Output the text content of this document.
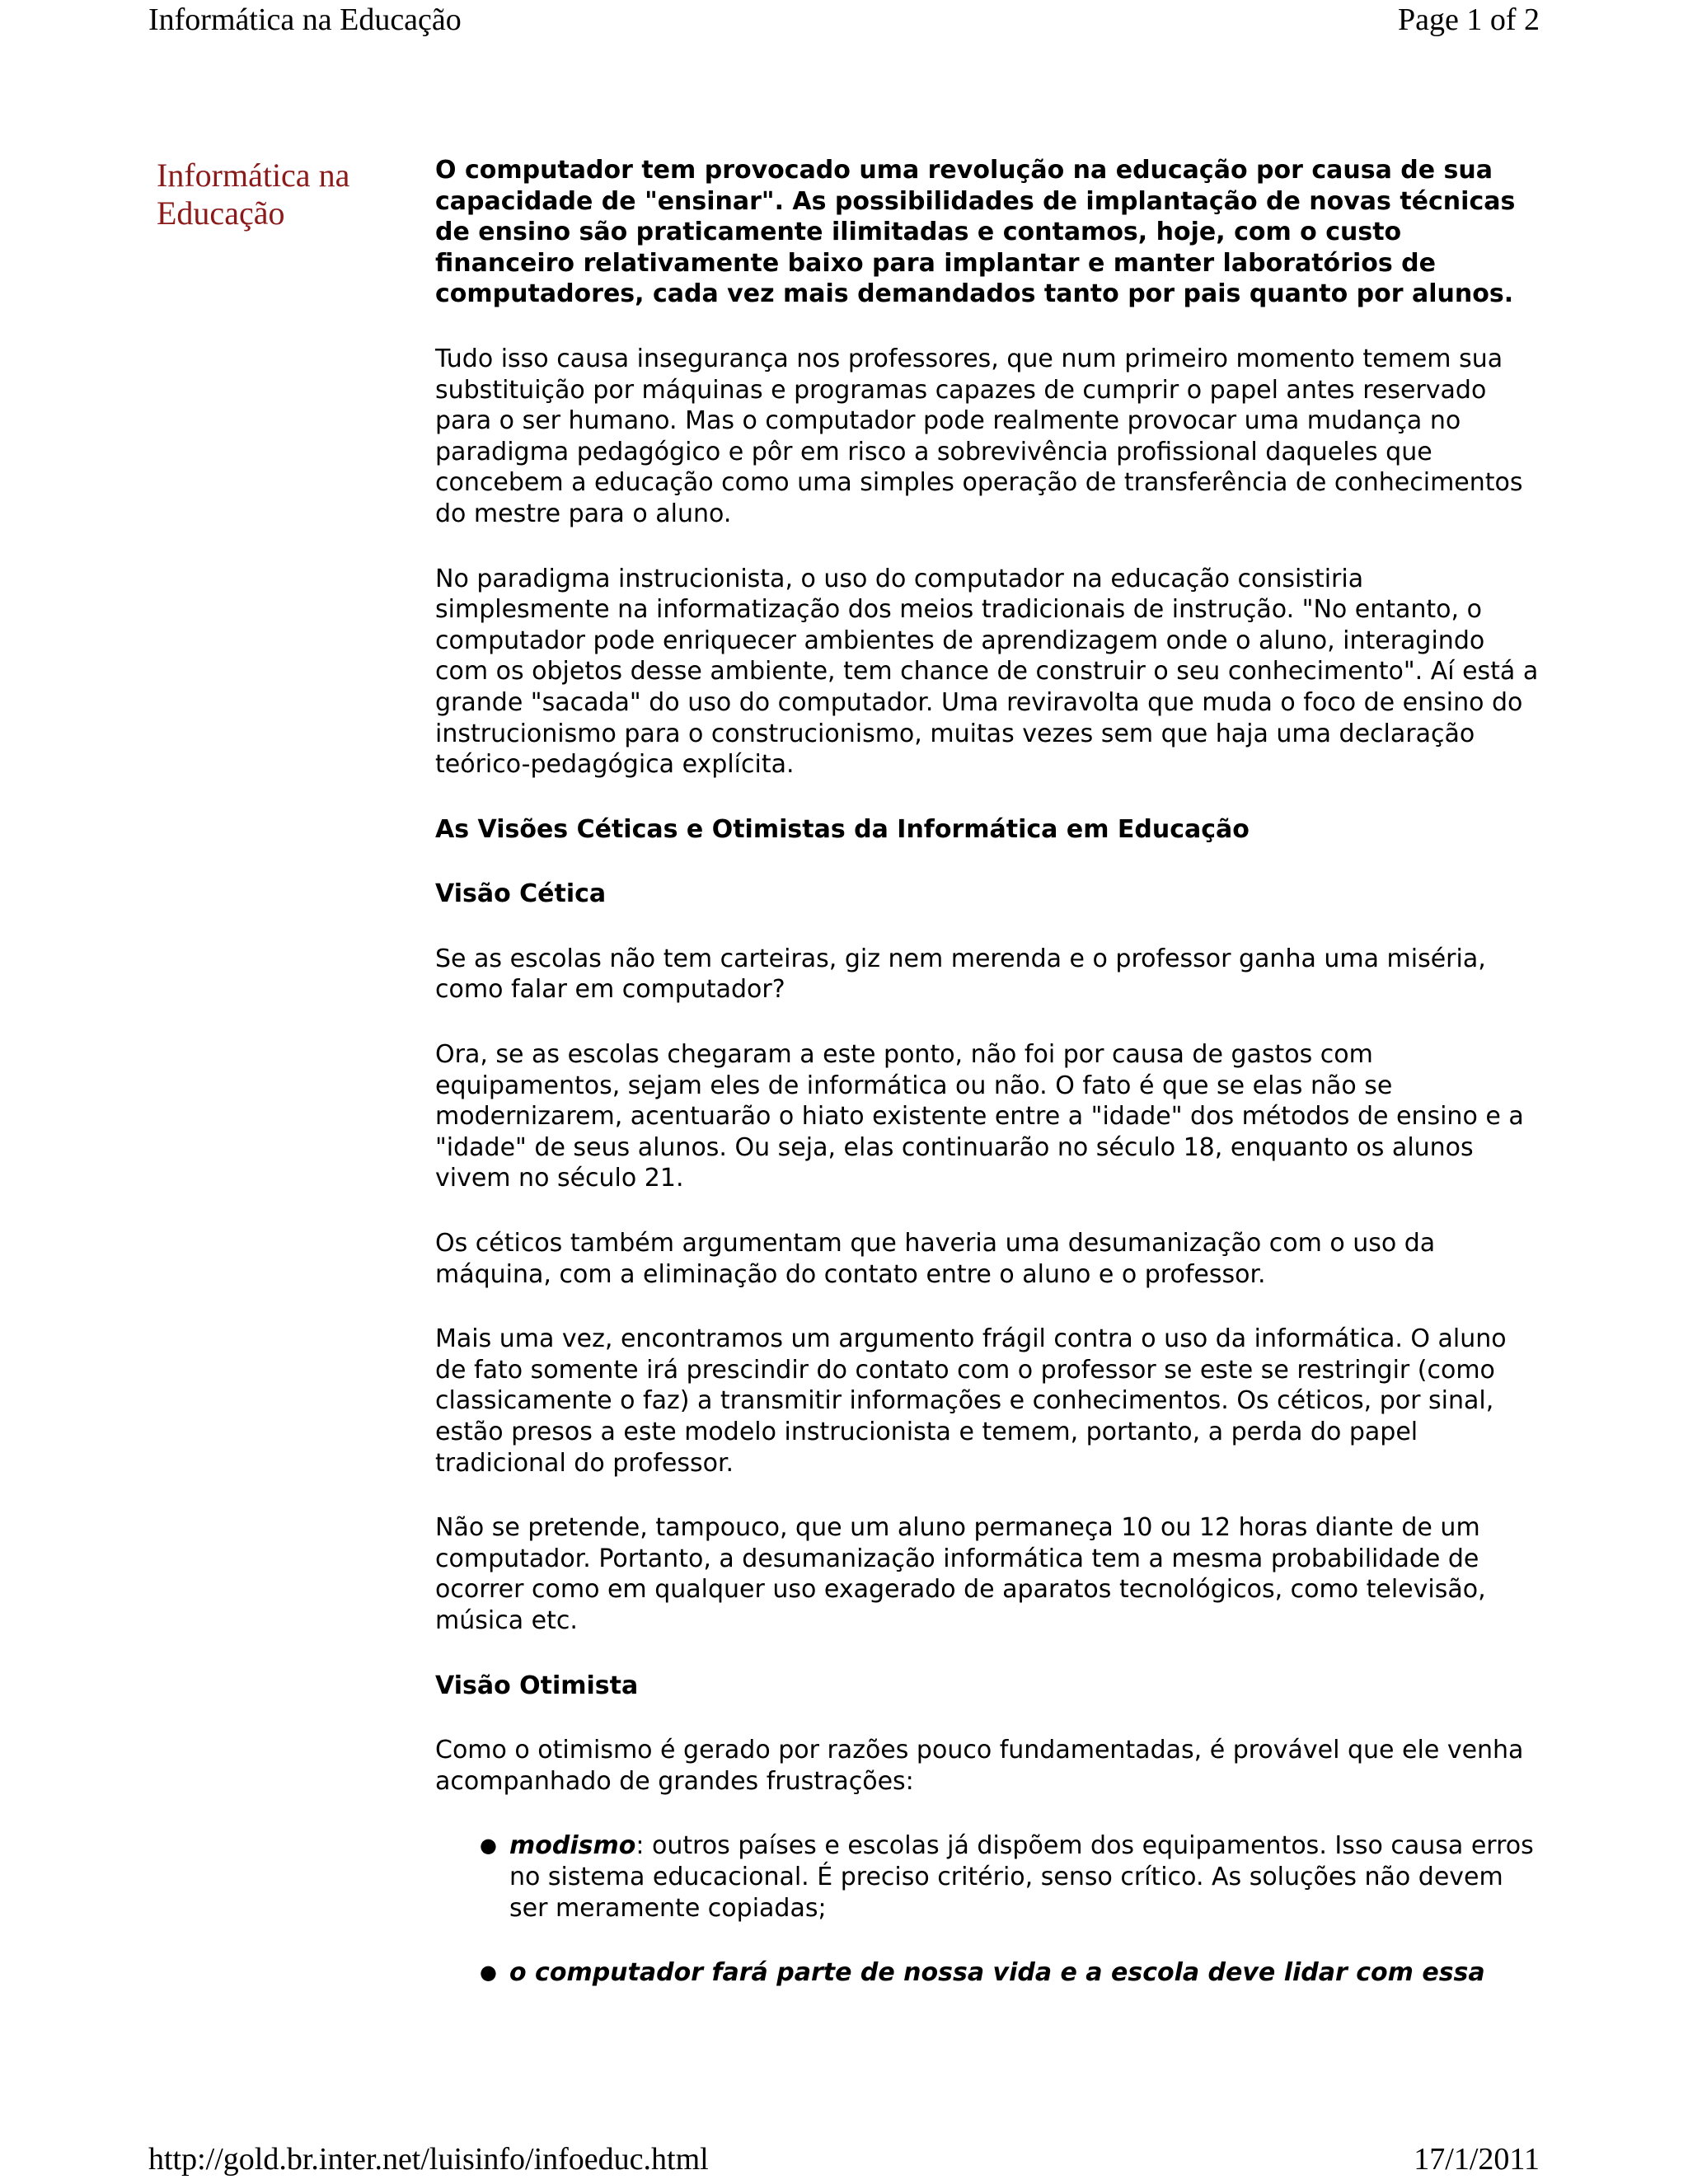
Informática na Educação	Page 1 of 2
Informática na Educação

O computador tem provocado uma revolução na educação por causa de sua capacidade de "ensinar". As possibilidades de implantação de novas técnicas de ensino são praticamente ilimitadas e contamos, hoje, com o custo financeiro relativamente baixo para implantar e manter laboratórios de computadores, cada vez mais demandados tanto por pais quanto por alunos.

Tudo isso causa insegurança nos professores, que num primeiro momento temem sua substituição por máquinas e programas capazes de cumprir o papel antes reservado para o ser humano. Mas o computador pode realmente provocar uma mudança no paradigma pedagógico e pôr em risco a sobrevivência profissional daqueles que concebem a educação como uma simples operação de transferência de conhecimentos do mestre para o aluno.

No paradigma instrucionista, o uso do computador na educação consistiria simplesmente na informatização dos meios tradicionais de instrução. "No entanto, o computador pode enriquecer ambientes de aprendizagem onde o aluno, interagindo com os objetos desse ambiente, tem chance de construir o seu conhecimento". Aí está a grande "sacada" do uso do computador. Uma reviravolta que muda o foco de ensino do instrucionismo para o construcionismo, muitas vezes sem que haja uma declaração teórico-pedagógica explícita.

As Visões Céticas e Otimistas da Informática em Educação
Visão Cética

Se as escolas não tem carteiras, giz nem merenda e o professor ganha uma miséria, como falar em computador?

Ora, se as escolas chegaram a este ponto, não foi por causa de gastos com equipamentos, sejam eles de informática ou não. O fato é que se elas não se modernizarem, acentuarão o hiato existente entre a "idade" dos métodos de ensino e a "idade" de seus alunos. Ou seja, elas continuarão no século 18, enquanto os alunos vivem no século 21.

Os céticos também argumentam que haveria uma desumanização com o uso da máquina, com a eliminação do contato entre o aluno e o professor.

Mais uma vez, encontramos um argumento frágil contra o uso da informática. O aluno de fato somente irá prescindir do contato com o professor se este se restringir (como classicamente o faz) a transmitir informações e conhecimentos. Os céticos, por sinal, estão presos a este modelo instrucionista e temem, portanto, a perda do papel tradicional do professor.

Não se pretende, tampouco, que um aluno permaneça 10 ou 12 horas diante de um computador. Portanto, a desumanização informática tem a mesma probabilidade de ocorrer como em qualquer uso exagerado de aparatos tecnológicos, como televisão, música etc.

Visão Otimista

Como o otimismo é gerado por razões pouco fundamentadas, é provável que ele venha acompanhado de grandes frustrações:

● modismo: outros países e escolas já dispõem dos equipamentos. Isso causa erros no sistema educacional. É preciso critério, senso crítico. As soluções não devem ser meramente copiadas;
● o computador fará parte de nossa vida e a escola deve lidar com essa
http://gold.br.inter.net/luisinfo/infoeduc.html	17/1/2011
